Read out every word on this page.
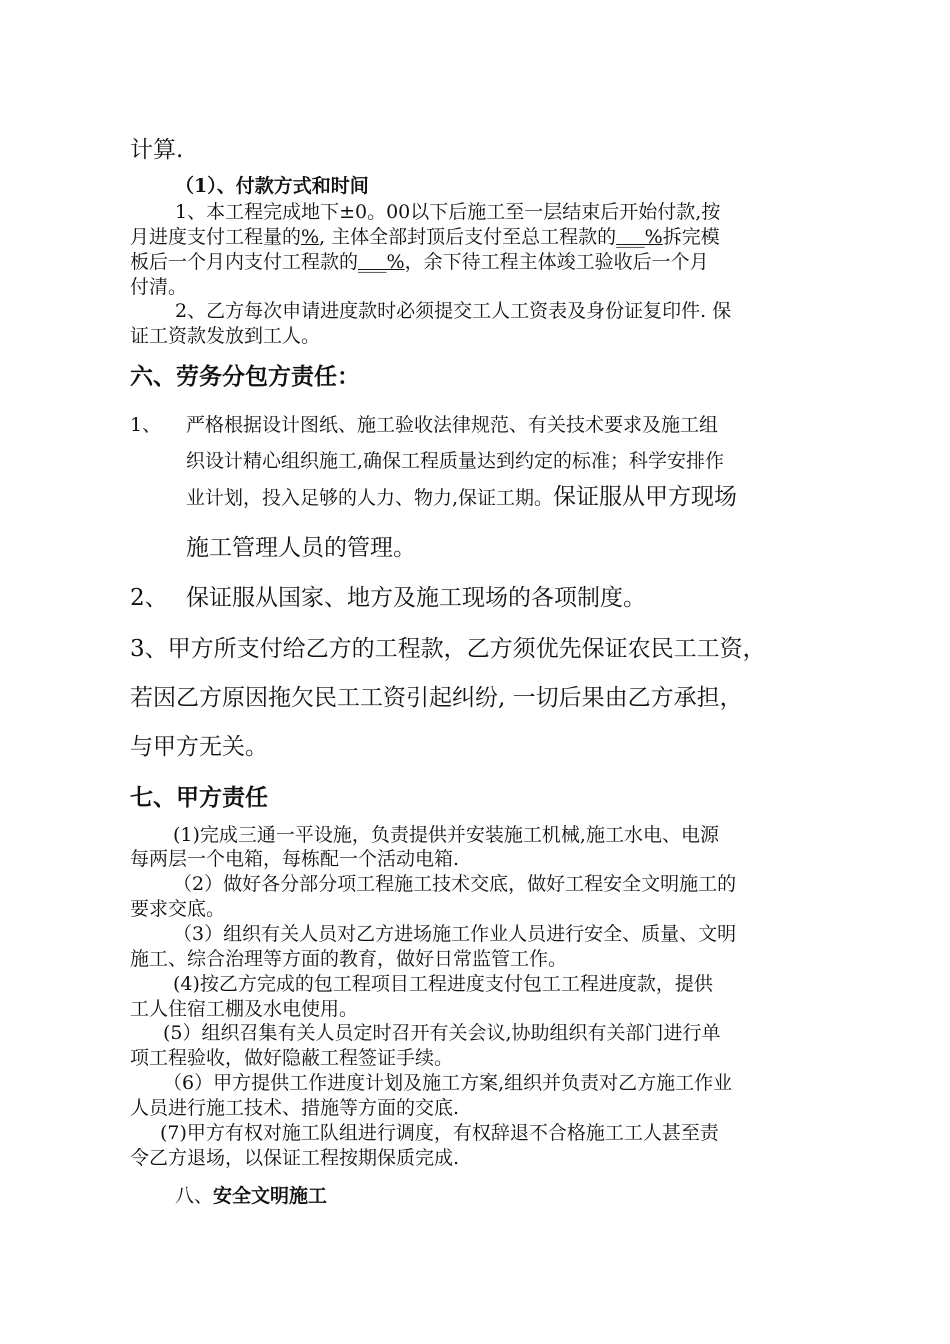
计算.
（1）、付款方式和时间
1、本工程完成地下±0。00以下后施工至一层结束后开始付款,按
月进度支付工程量的%, 主体全部封顶后支付至总工程款的___%拆完模
板后一个月内支付工程款的___%，余下待工程主体竣工验收后一个月
付清。
2、乙方每次申请进度款时必须提交工人工资表及身份证复印件. 保
证工资款发放到工人。
六、劳务分包方责任：
1、 严格根据设计图纸、施工验收法律规范、有关技术要求及施工组
织设计精心组织施工,确保工程质量达到约定的标准；科学安排作
业计划，投入足够的人力、物力,保证工期。保证服从甲方现场
施工管理人员的管理。
2、 保证服从国家、地方及施工现场的各项制度。
3、甲方所支付给乙方的工程款，乙方须优先保证农民工工资，
若因乙方原因拖欠民工工资引起纠纷, 一切后果由乙方承担，
与甲方无关。
七、甲方责任
(1)完成三通一平设施，负责提供并安装施工机械,施工水电、电源
每两层一个电箱，每栋配一个活动电箱.
（2）做好各分部分项工程施工技术交底，做好工程安全文明施工的
要求交底。
（3）组织有关人员对乙方进场施工作业人员进行安全、质量、文明
施工、综合治理等方面的教育，做好日常监管工作。
(4)按乙方完成的包工程项目工程进度支付包工工程进度款，提供
工人住宿工棚及水电使用。
(5）组织召集有关人员定时召开有关会议,协助组织有关部门进行单
项工程验收，做好隐蔽工程签证手续。
（6）甲方提供工作进度计划及施工方案,组织并负责对乙方施工作业
人员进行施工技术、措施等方面的交底.
(7)甲方有权对施工队组进行调度，有权辞退不合格施工工人甚至责
令乙方退场，以保证工程按期保质完成.
八、安全文明施工
